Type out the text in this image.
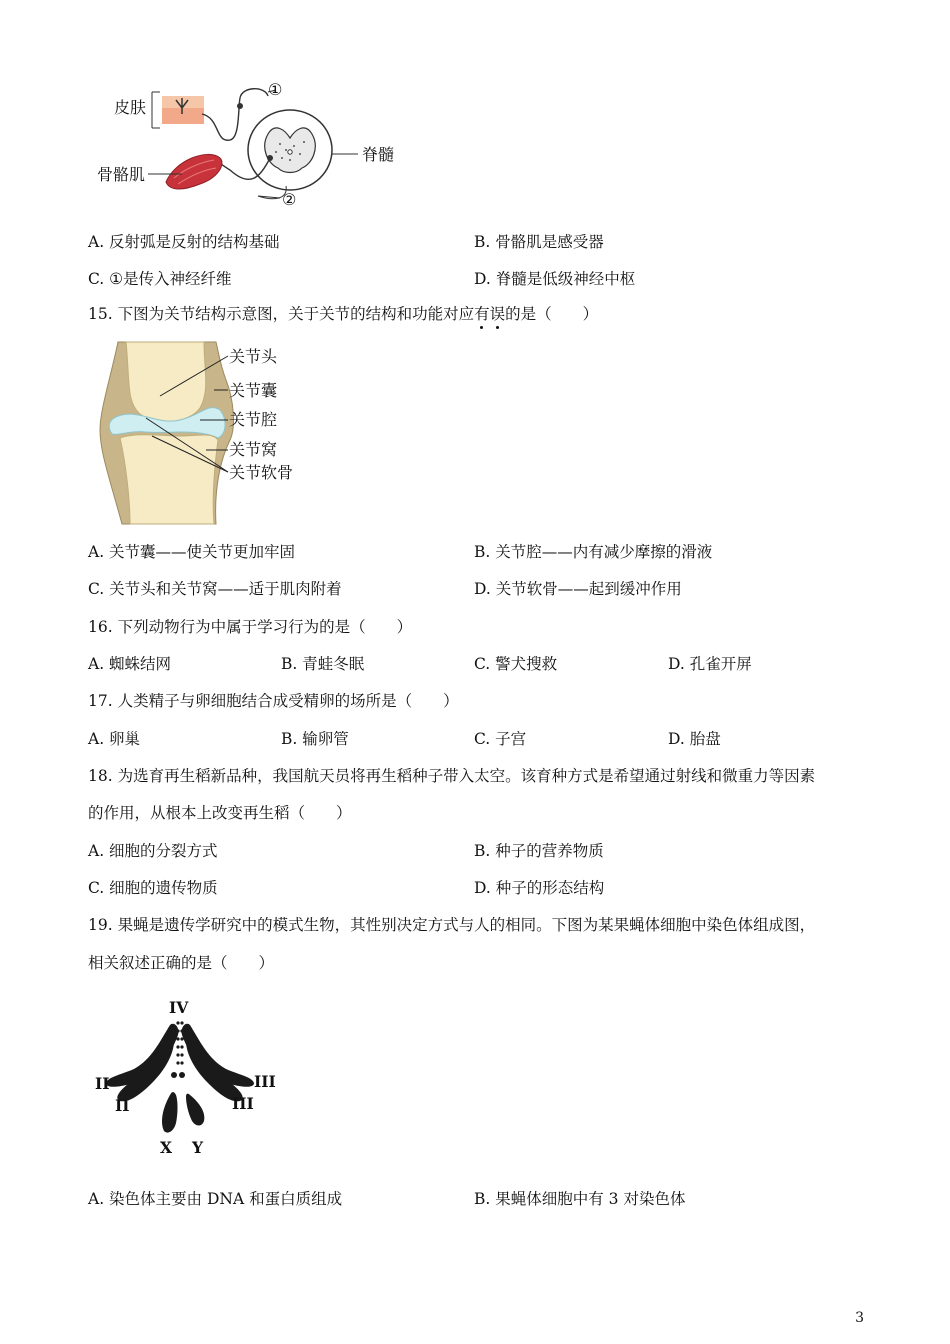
皮肤
骨骼肌
脊髓
①
②
A. 反射弧是反射的结构基础	B. 骨骼肌是感受器
C. ①是传入神经纤维	D. 脊髓是低级神经中枢
15. 下图为关节结构示意图，关于关节的结构和功能对应有误
的是（　　）
关节头
关节囊
关节腔
关节窝
关节软骨
A. 关节囊——使关节更加牢固	B. 关节腔——内有减少摩擦的滑液
C. 关节头和关节窝——适于肌肉附着	D. 关节软骨——起到缓冲作用
16. 下列动物行为中属于学习行为的是（　　）
A. 蜘蛛结网	B. 青蛙冬眠	C. 警犬搜救	D. 孔雀开屏
17. 人类精子与卵细胞结合成受精卵的场所是（　　）
A. 卵巢	B. 输卵管	C. 子宫	D. 胎盘
18. 为选育再生稻新品种，我国航天员将再生稻种子带入太空。该育种方式是希望通过射线和微重力等因素
的作用，从根本上改变再生稻（　　）
A. 细胞的分裂方式	B. 种子的营养物质
C. 细胞的遗传物质	D. 种子的形态结构
19. 果蝇是遗传学研究中的模式生物，其性别决定方式与人的相同。下图为某果蝇体细胞中染色体组成图，
相关叙述正确的是（　　）
IV
II
II
III
III
X Y
A. 染色体主要由 DNA 和蛋白质组成	B. 果蝇体细胞中有 3 对染色体
3
